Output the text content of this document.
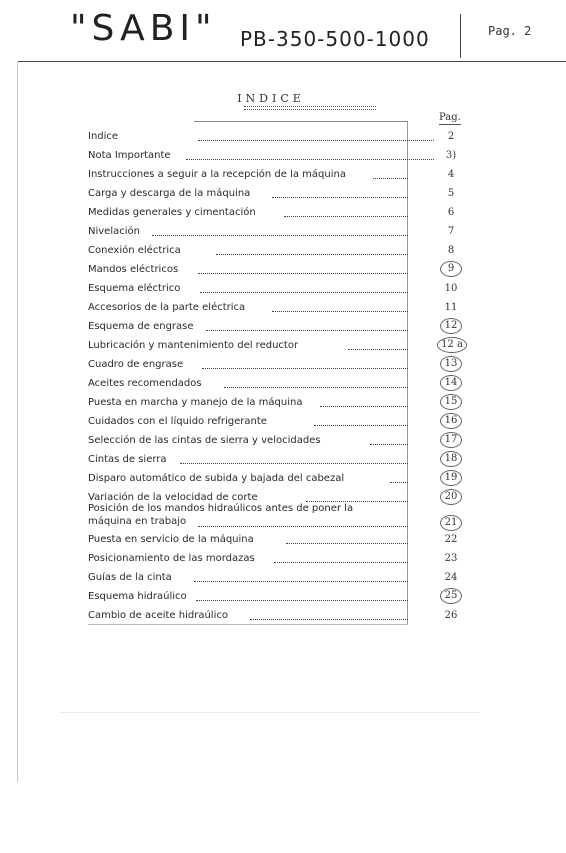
"SABI" PB-350-500-1000	Pag. 2
INDICE
Pag.
Indice	2
Nota Importante	3)
Instrucciones a seguir a la recepción de la máquina	4
Carga y descarga de la máquina	5
Medidas generales y cimentación	6
Nivelación	7
Conexión eléctrica	8
Mandos eléctricos	9
Esquema eléctrico	10
Accesorios de la parte eléctrica	11
Esquema de engrase	12
Lubricación y mantenimiento del reductor	12 a
Cuadro de engrase	13
Aceites recomendados	14
Puesta en marcha y manejo de la máquina	15
Cuidados con el líquido refrigerante	16
Selección de las cintas de sierra y velocidades	17
Cintas de sierra	18
Disparo automático de subida y bajada del cabezal	19
Variación de la velocidad de corte	20
Posición de los mandos hidraúlicos antes de poner la
máquina en trabajo	21
Puesta en servicio de la máquina	22
Posicionamiento de las mordazas	23
Guías de la cinta	24
Esquema hidraúlico	25
Cambio de aceite hidraúlico	26
